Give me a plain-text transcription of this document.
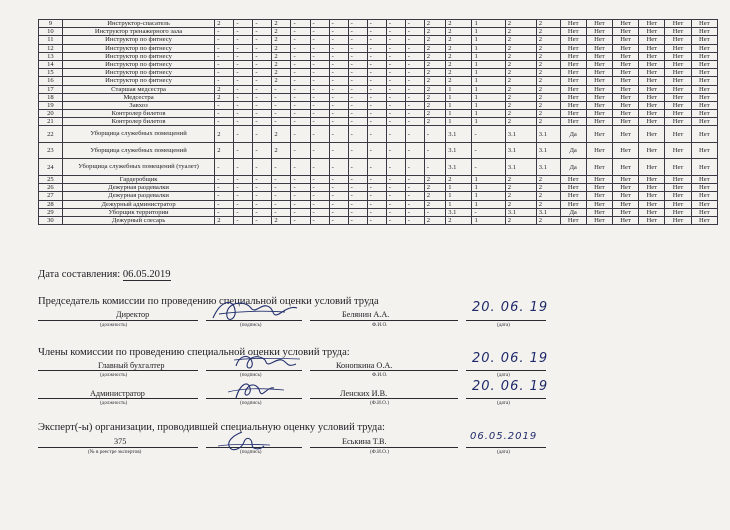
9	Инструктор-спасатель	2	-	-	2	-	-	-	-	-	-	-	2	2	1	2	2	Нет	Нет	Нет	Нет	Нет	Нет
10	Инструктор тренажерного зала	-	-	-	2	-	-	-	-	-	-	-	2	2	1	2	2	Нет	Нет	Нет	Нет	Нет	Нет
11	Инструктор по фитнесу	-	-	-	2	-	-	-	-	-	-	-	2	2	1	2	2	Нет	Нет	Нет	Нет	Нет	Нет
12	Инструктор по фитнесу	-	-	-	2	-	-	-	-	-	-	-	2	2	1	2	2	Нет	Нет	Нет	Нет	Нет	Нет
13	Инструктор по фитнесу	-	-	-	2	-	-	-	-	-	-	-	2	2	1	2	2	Нет	Нет	Нет	Нет	Нет	Нет
14	Инструктор по фитнесу	-	-	-	2	-	-	-	-	-	-	-	2	2	1	2	2	Нет	Нет	Нет	Нет	Нет	Нет
15	Инструктор по фитнесу	-	-	-	2	-	-	-	-	-	-	-	2	2	1	2	2	Нет	Нет	Нет	Нет	Нет	Нет
16	Инструктор по фитнесу	-	-	-	2	-	-	-	-	-	-	-	2	2	1	2	2	Нет	Нет	Нет	Нет	Нет	Нет
17	Старшая медсестра	2	-	-	-	-	-	-	-	-	-	-	2	1	1	2	2	Нет	Нет	Нет	Нет	Нет	Нет
18	Медсестра	2	-	-	-	-	-	-	-	-	-	-	2	1	1	2	2	Нет	Нет	Нет	Нет	Нет	Нет
19	Завхоз	-	-	-	-	-	-	-	-	-	-	-	2	1	1	2	2	Нет	Нет	Нет	Нет	Нет	Нет
20	Контролер билетов	-	-	-	-	-	-	-	-	-	-	-	2	1	1	2	2	Нет	Нет	Нет	Нет	Нет	Нет
21	Контролер билетов	-	-	-	-	-	-	-	-	-	-	-	2	1	1	2	2	Нет	Нет	Нет	Нет	Нет	Нет
22	Уборщица служебных помещений	2	-	-	2	-	-	-	-	-	-	-	-	3.1	-	3.1	3.1	Да	Нет	Нет	Нет	Нет	Нет
23	Уборщица служебных помещений	2	-	-	2	-	-	-	-	-	-	-	-	3.1	-	3.1	3.1	Да	Нет	Нет	Нет	Нет	Нет
24	Уборщица служебных помещений (туалет)	-	-	-	-	-	-	-	-	-	-	-	-	3.1	-	3.1	3.1	Да	Нет	Нет	Нет	Нет	Нет
25	Гардеробщик	-	-	-	-	-	-	-	-	-	-	-	2	2	1	2	2	Нет	Нет	Нет	Нет	Нет	Нет
26	Дежурная раздевалки	-	-	-	-	-	-	-	-	-	-	-	2	1	1	2	2	Нет	Нет	Нет	Нет	Нет	Нет
27	Дежурная раздевалки	-	-	-	-	-	-	-	-	-	-	-	2	1	1	2	2	Нет	Нет	Нет	Нет	Нет	Нет
28	Дежурный администратор	-	-	-	-	-	-	-	-	-	-	-	2	1	1	2	2	Нет	Нет	Нет	Нет	Нет	Нет
29	Уборщик территории	-	-	-	-	-	-	-	-	-	-	-	-	3.1	-	3.1	3.1	Да	Нет	Нет	Нет	Нет	Нет
30	Дежурный слесарь	2	-	-	2	-	-	-	-	-	-	-	2	2	1	2	2	Нет	Нет	Нет	Нет	Нет	Нет
Дата составления: 06.05.2019
Председатель комиссии по проведению специальной оценки условий труда
Директор	Белянин А.А.
(должность)	(подпись)	Ф.И.О.	(дата)
20. 06. 19
Члены комиссии по проведению специальной оценки условий труда:
Главный бухгалтер	Конопкина О.А.
(должность)	(подпись)	Ф.И.О.	(дата)
20. 06. 19
Администратор	Ленских И.В.
(должность)	(подпись)	(Ф.И.О.)	(дата)
20. 06. 19
Эксперт(-ы) организации, проводившей специальную оценку условий труда:
375	Еськина Т.В.
(№ в реестре экспертов)	(подпись)	(Ф.И.О.)	(дата)
06.05.2019
